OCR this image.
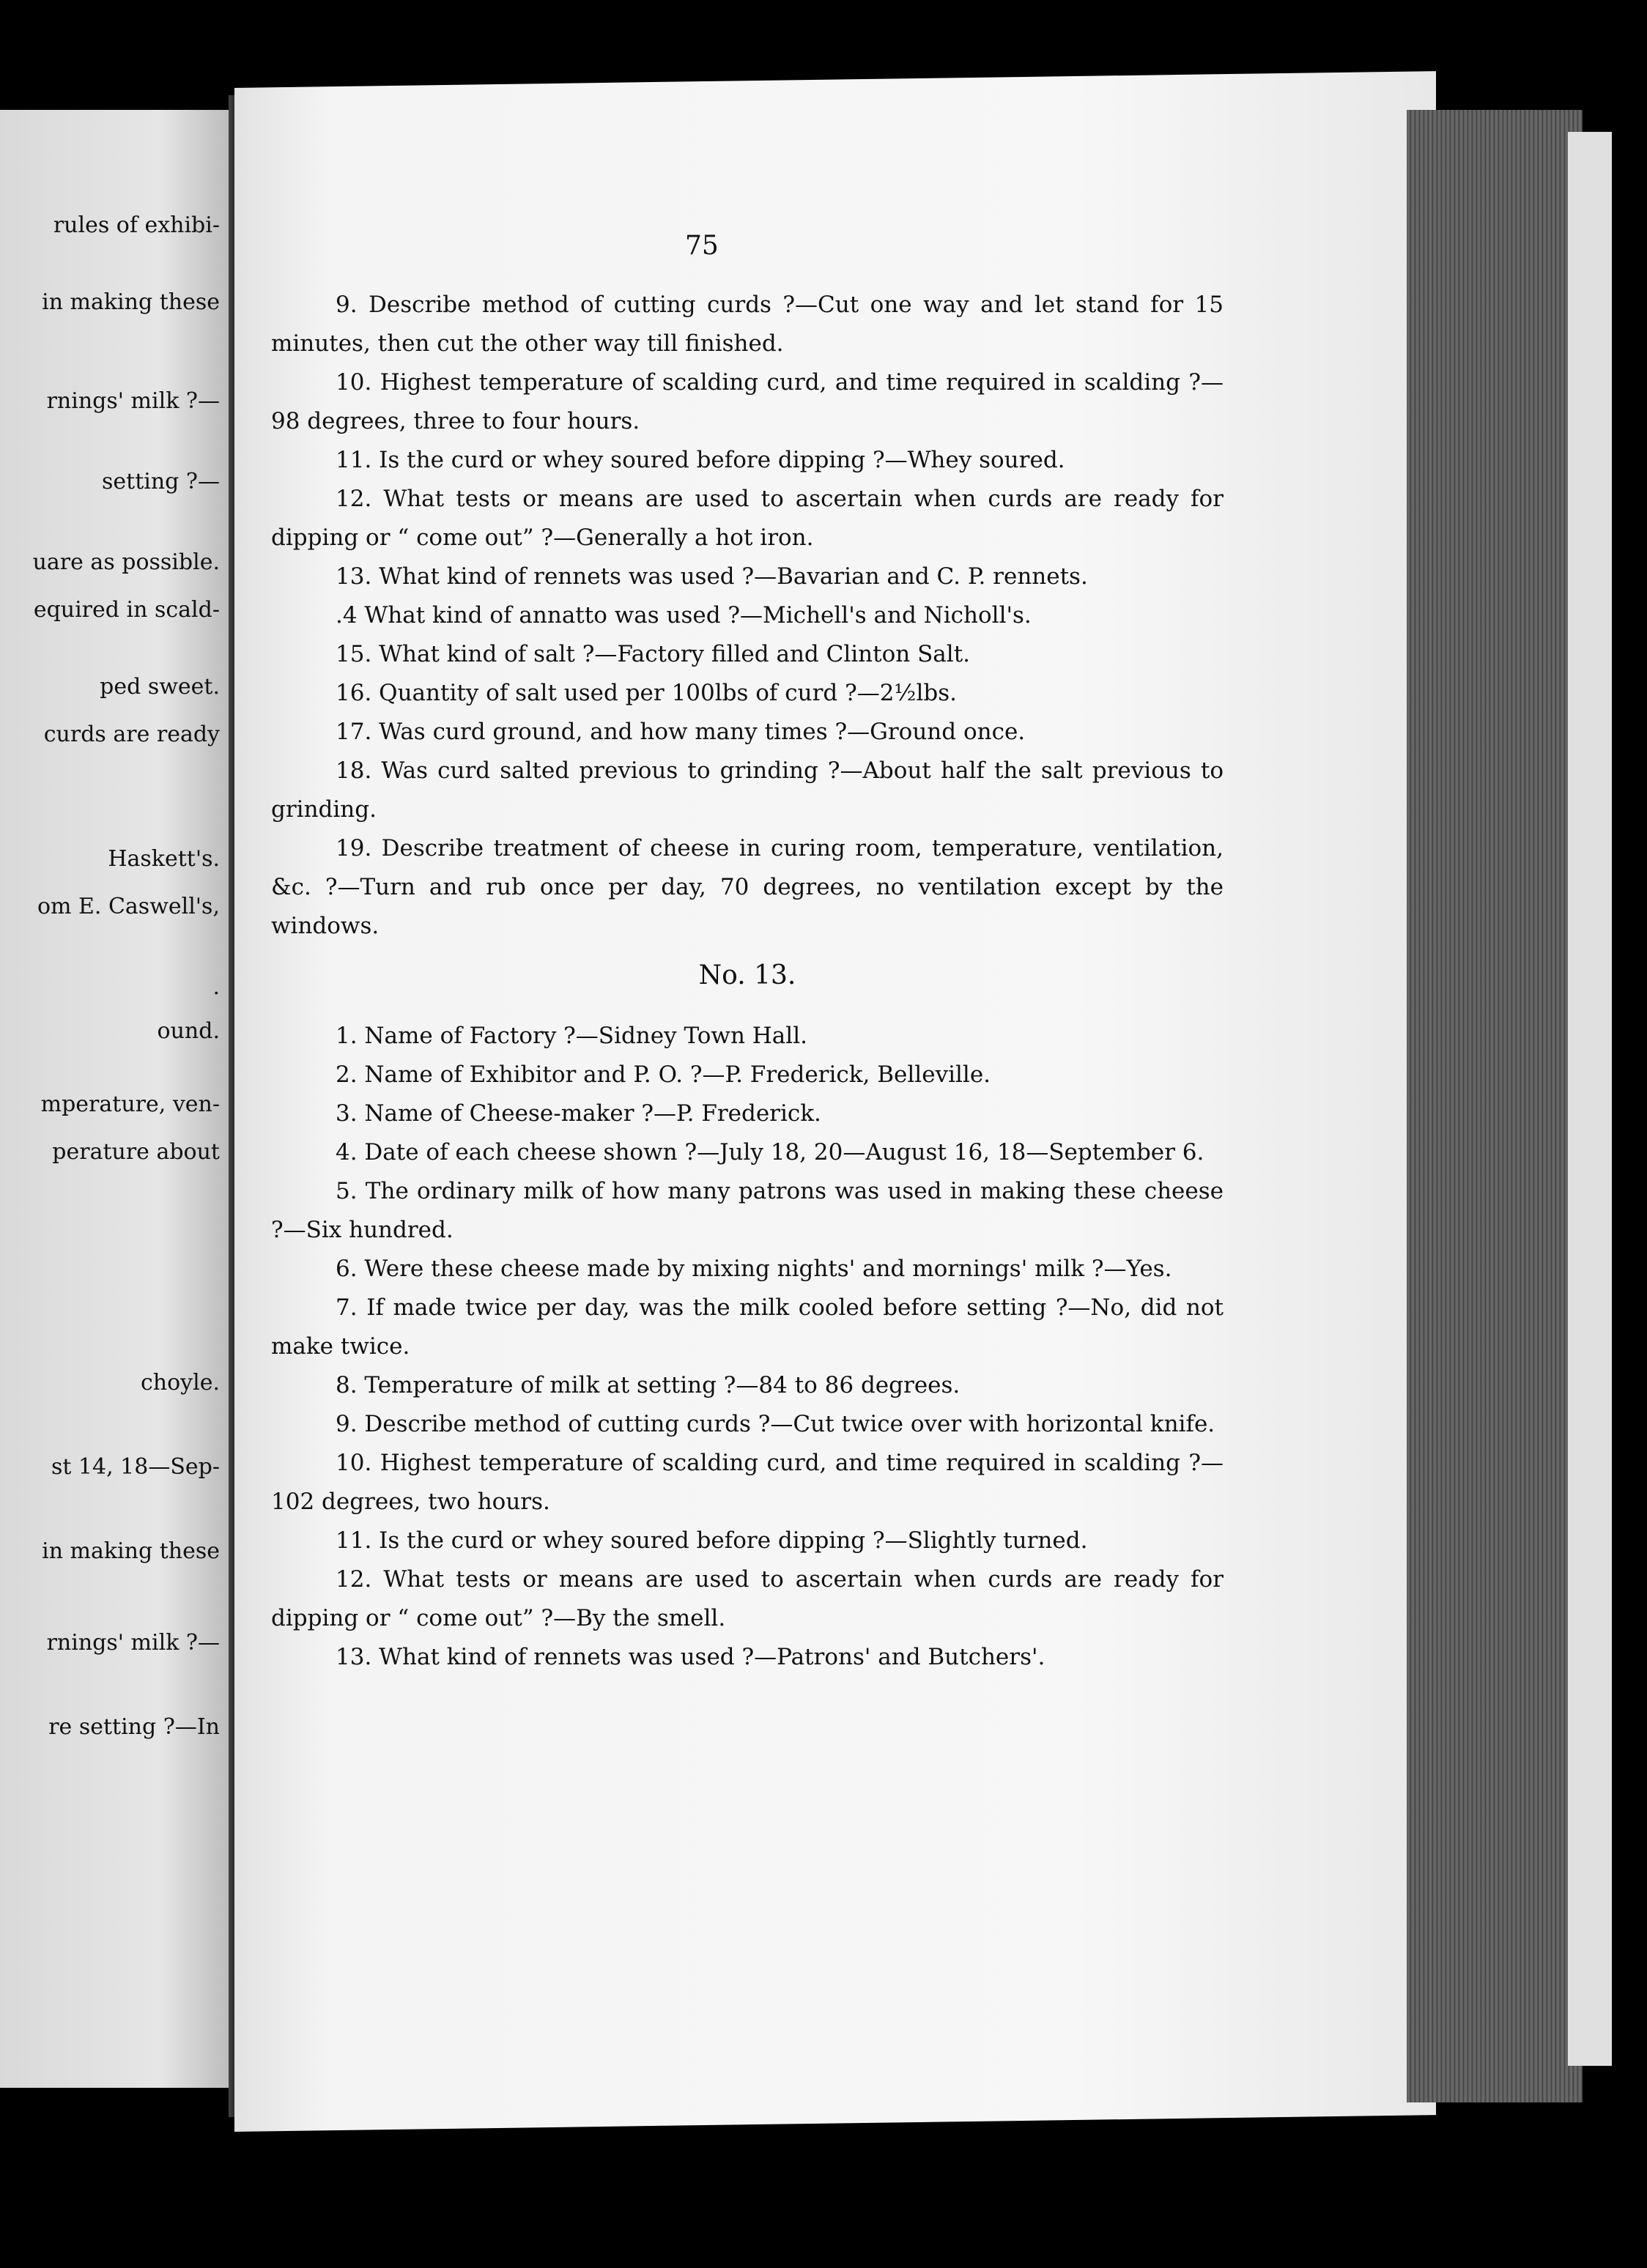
rules of exhibi-
in making these
rnings' milk ?—
setting ?—
uare as possible.
equired in scald-
ped sweet.
curds are ready
Haskett's.
om E. Caswell's,
.
ound.
mperature, ven-
perature about
choyle.
st 14, 18—Sep-
in making these
rnings' milk ?—
re setting ?—In
75

9. Describe method of cutting curds ?—Cut one way and let stand for 15 minutes, then cut the other way till finished.

10. Highest temperature of scalding curd, and time required in scalding ?—98 degrees, three to four hours.

11. Is the curd or whey soured before dipping ?—Whey soured.

12. What tests or means are used to ascertain when curds are ready for dipping or “ come out” ?—Generally a hot iron.

13. What kind of rennets was used ?—Bavarian and C. P. rennets.

.4 What kind of annatto was used ?—Michell's and Nicholl's.

15. What kind of salt ?—Factory filled and Clinton Salt.

16. Quantity of salt used per 100lbs of curd ?—2½lbs.

17. Was curd ground, and how many times ?—Ground once.

18. Was curd salted previous to grinding ?—About half the salt previous to grinding.

19. Describe treatment of cheese in curing room, temperature, ventilation, &c. ?—Turn and rub once per day, 70 degrees, no ventilation except by the windows.

No. 13.

1. Name of Factory ?—Sidney Town Hall.

2. Name of Exhibitor and P. O. ?—P. Frederick, Belleville.

3. Name of Cheese-maker ?—P. Frederick.

4. Date of each cheese shown ?—July 18, 20—August 16, 18—September 6.

5. The ordinary milk of how many patrons was used in making these cheese ?—Six hundred.

6. Were these cheese made by mixing nights' and mornings' milk ?—Yes.

7. If made twice per day, was the milk cooled before setting ?—No, did not make twice.

8. Temperature of milk at setting ?—84 to 86 degrees.

9. Describe method of cutting curds ?—Cut twice over with horizontal knife.

10. Highest temperature of scalding curd, and time required in scalding ?—102 degrees, two hours.

11. Is the curd or whey soured before dipping ?—Slightly turned.

12. What tests or means are used to ascertain when curds are ready for dipping or “ come out” ?—By the smell.

13. What kind of rennets was used ?—Patrons' and Butchers'.
